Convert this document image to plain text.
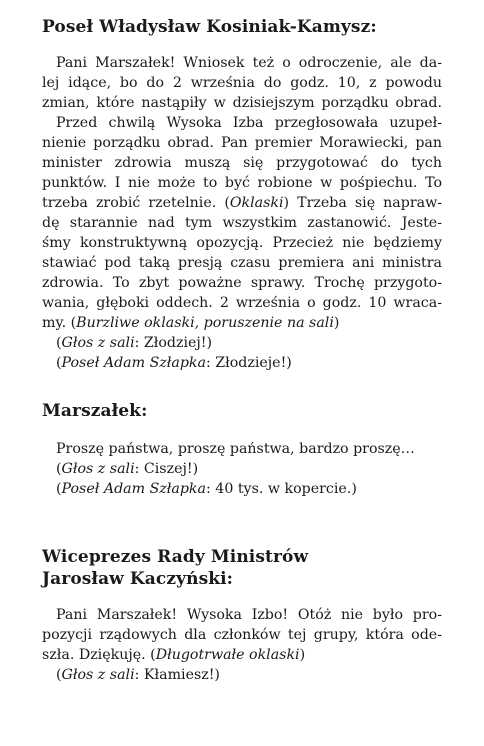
Poseł Władysław Kosiniak-Kamysz:
Pani Marszałek! Wniosek też o odroczenie, ale da-
lej idące, bo do 2 września do godz. 10, z powodu
zmian, które nastąpiły w dzisiejszym porządku obrad.
Przed chwilą Wysoka Izba przegłosowała uzupeł-
nienie porządku obrad. Pan premier Morawiecki, pan
minister zdrowia muszą się przygotować do tych
punktów. I nie może to być robione w pośpiechu. To
trzeba zrobić rzetelnie. (Oklaski) Trzeba się napraw-
dę starannie nad tym wszystkim zastanowić. Jeste-
śmy konstruktywną opozycją. Przecież nie będziemy
stawiać pod taką presją czasu premiera ani ministra
zdrowia. To zbyt poważne sprawy. Trochę przygoto-
wania, głęboki oddech. 2 września o godz. 10 wraca-
my. (Burzliwe oklaski, poruszenie na sali)
(Głos z sali: Złodziej!)
(Poseł Adam Szłapka: Złodzieje!)
Marszałek:
Proszę państwa, proszę państwa, bardzo proszę…
(Głos z sali: Ciszej!)
(Poseł Adam Szłapka: 40 tys. w kopercie.)
Wiceprezes Rady Ministrów
Jarosław Kaczyński:
Pani Marszałek! Wysoka Izbo! Otóż nie było pro-
pozycji rządowych dla członków tej grupy, która ode-
szła. Dziękuję. (Długotrwałe oklaski)
(Głos z sali: Kłamiesz!)
